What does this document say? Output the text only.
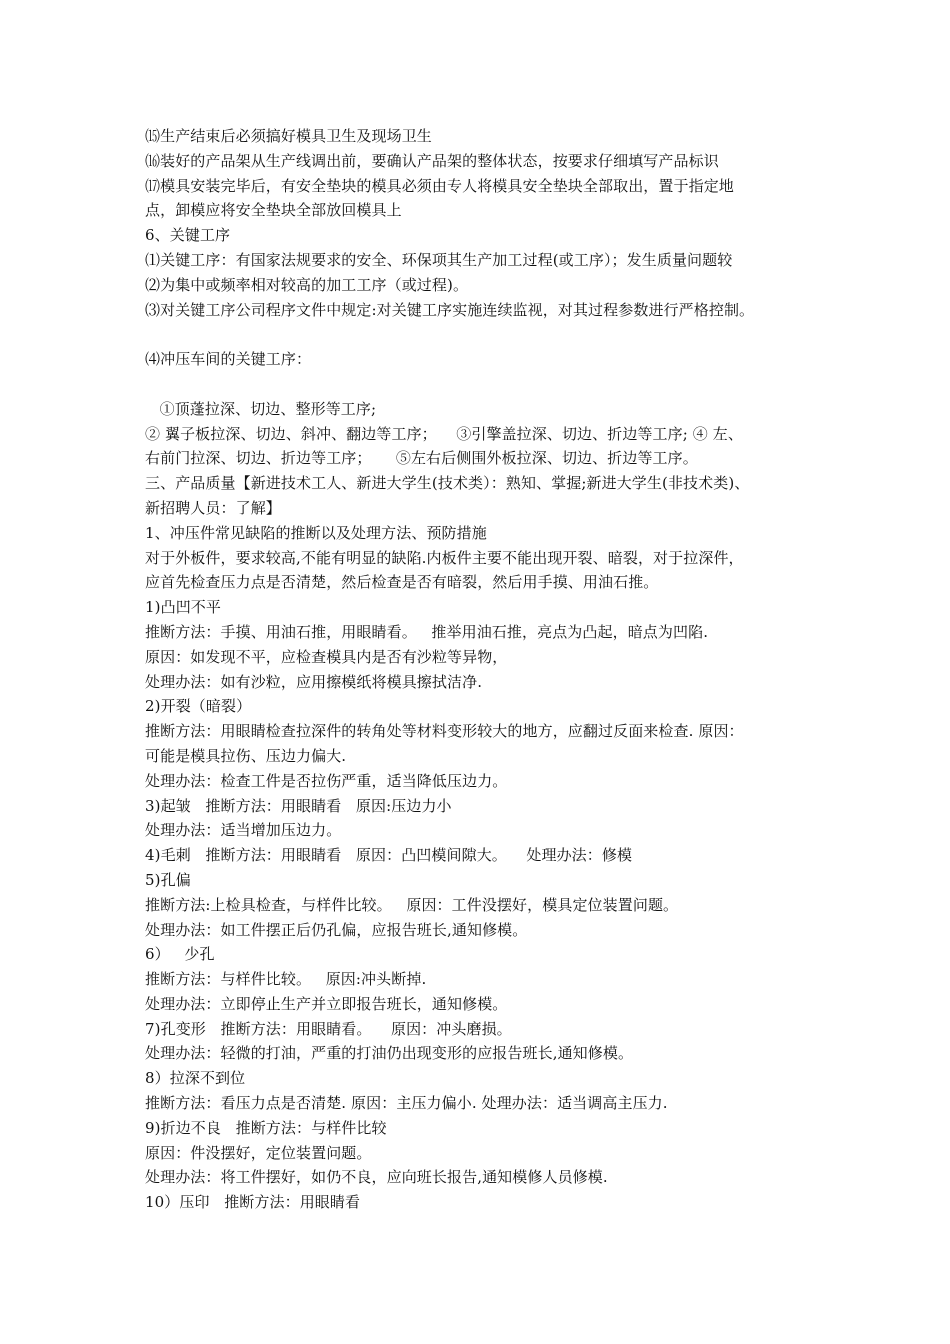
⒂生产结束后必须搞好模具卫生及现场卫生
⒃装好的产品架从生产线调出前，要确认产品架的整体状态，按要求仔细填写产品标识
⒄模具安装完毕后，有安全垫块的模具必须由专人将模具安全垫块全部取出，置于指定地
点，卸模应将安全垫块全部放回模具上
6、关键工序
⑴关键工序：有国家法规要求的安全、环保项其生产加工过程(或工序）；发生质量问题较
⑵为集中或频率相对较高的加工工序（或过程)。
⑶对关键工序公司程序文件中规定:对关键工序实施连续监视，对其过程参数进行严格控制。
⑷冲压车间的关键工序：
①顶蓬拉深、切边、整形等工序;
② 翼子板拉深、切边、斜冲、翻边等工序；    ③引擎盖拉深、切边、折边等工序; ④ 左、
右前门拉深、切边、折边等工序；     ⑤左右后侧围外板拉深、切边、折边等工序。
三、产品质量【新进技术工人、新进大学生(技术类）：熟知、掌握;新进大学生(非技术类)、
新招聘人员：了解】
1、冲压件常见缺陷的推断以及处理方法、预防措施
对于外板件，要求较高,不能有明显的缺陷.内板件主要不能出现开裂、暗裂，对于拉深件，
应首先检查压力点是否清楚，然后检查是否有暗裂，然后用手摸、用油石推。
1)凸凹不平
推断方法：手摸、用油石推，用眼睛看。   推举用油石推，亮点为凸起，暗点为凹陷.
原因：如发现不平，应检查模具内是否有沙粒等异物，
处理办法：如有沙粒，应用擦模纸将模具擦拭洁净.
2)开裂（暗裂）
推断方法：用眼睛检查拉深件的转角处等材料变形较大的地方，应翻过反面来检查. 原因：
可能是模具拉伤、压边力偏大.
处理办法：检查工件是否拉伤严重，适当降低压边力。
3)起皱   推断方法：用眼睛看   原因:压边力小
处理办法：适当增加压边力。
4)毛刺   推断方法：用眼睛看   原因：凸凹模间隙大。    处理办法：修模
5)孔偏
推断方法:上检具检查，与样件比较。   原因：工件没摆好，模具定位装置问题。
处理办法：如工件摆正后仍孔偏，应报告班长,通知修模。
6）   少孔
推断方法：与样件比较。   原因:冲头断掉.
处理办法：立即停止生产并立即报告班长，通知修模。
7)孔变形   推断方法：用眼睛看。    原因：冲头磨损。
处理办法：轻微的打油，严重的打油仍出现变形的应报告班长,通知修模。
8）拉深不到位
推断方法：看压力点是否清楚. 原因：主压力偏小. 处理办法：适当调高主压力.
9)折边不良   推断方法：与样件比较
原因：件没摆好，定位装置问题。
处理办法：将工件摆好，如仍不良，应向班长报告,通知模修人员修模.
10）压印   推断方法：用眼睛看
